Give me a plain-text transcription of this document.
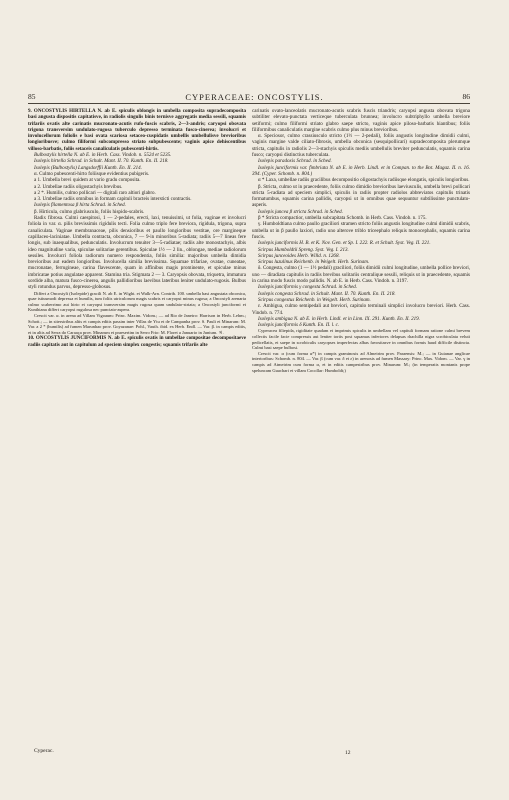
85	CYPERACEAE: ONCOSTYLIS.	86

9. ONCOSTYLIS HIRTELLA N. ab E. spiculis oblongis in umbella composita supradecomposita basi angusta dispositis capitatisve, in radiolis singulis binis ternisve aggregatis media sessili, squamis trifariis ovatis alte carinatis mucronato-acutis rufo-fuscis scabris, 2—3-andris; caryopsi obovata trigona transversim undulato-rugosa tuberculo depresso terminata fusco-cinerea; involucri et involucellorum foliolis e basi ovata scariosa setaceo-cuspidatis umbellis umbellulisve brevioribus longioribusve; culmo filiformi subcompresso striato subpubescente; vaginis apice dehiscentibus villoso-barbatis, foliis setaceis canaliculatis pubescenti-hirtis.

Bulbostylis hirtella N. ab E. in Herb. Cass. Vindob. n. 5524 et 5235.

Isolepis hirtella Schrad. in Schult. Mant. II. 70. Kunth. En. II. 218.

Isolepis (Bulbostylis) Langsdorffii Kunth. En. II. 214.

α. Culmo pubescenti-hirto foliisque evidentius pubigeris.

a 1. Umbella brevi quidem at vario gradu composita.

a 2. Umbellae radiis oligostachyis brevibus.

a 2 *. Humilis, culmo pollicari — digitali raro altiori glabro.

a 3. Umbellae radiis omnibus in formam capituli bracteis intersticti contractis.

Isolepis filamentosa β hirta Schrad. in Sched.

β. Hirticula, culmo glabriusculo, foliis hispido-scabris.

Radix fibrosa. Culmi caespitosi, 1 — 2-pedales, erecti, laxi, tenuissimi, ut folia, vaginae et involucri foliola in var. α. pilis brevissimis rigidulis tecti. Folia culmo triplo fere breviora, rigidula, trigona, supra canaliculata. Vaginae membranaceae, pilis densioribus et paullo longioribus vestitae, ore margineque capillaceo-laciniatae. Umbella contracta, obconica, 7 — 9-in minoribus 5-radiata; radiis 5—7 lineas fere longis, sub inaequalibus, pedunculatis. Involucrum tenuiter 3—5-radiatae; radiis alte monostachyis, albis ideo magnitudine varia, spiculae solitariae gerentibus. Spiculae 1½ — 2 lin., oblongae, mediae radiolorum sessiles. Involucri foliola radiorum numero respondentia, foliis similia: majoribus umbella dimidia brevioribus aut eadem longioribus. Involucella similia brevissima. Squamae trifariae, ovatae, cuneatae, mucronatae, ferrugineae, carina flavescente, quam in affinibus magis prominente, et spiculae minus imbricatae potius angulatae apparent. Stamina tria. Stigmata 2 — 3. Caryopsis obovata, triquetra, immatura sordide alba, matura fusco-cinerea, angulis pallidioribus laevibus lateribus leniter undulato-rugosis. Bulbus styli rotundus parvus, depresso-globosus.

Differt a Oncostyli (Isolepide) gracili N. ab E. in Wight. et Walk-Arn. Contrib. 100. umbella basi angustata obconica, quae istiusmodi depressa et humilis, tum foliis utriculorum magis scabris et caryopsi minus rugosa; a Oncostyli arenaria culmo scaberrimo aut hirto et caryopsi transversim magis rugosa quam undulato-striata; a Oncostyli junciformi et Kunthiana differt caryopsi rugulosa nec punctato-aspera.

Crescit var. α. in arena ad Villam Vigoaum: Princ. Maxim. Vidom.; — ad Rio de Janeiro: Harrison in Herb. Lehm.; Schott.; — in siterstribus altis et campis editis passim inter Villas de Ytu et de Campanha prov. S. Pauli et Minarum: M. Var. a 2 * (humilis) ad fumen Marunhao prov. Goyazanae: Pohl., Vauth. ibid. ex Herb. Endl. — Var. β. in campis editis, et in altis ad Serra do Caraaça prov. Minarum et praesertim in Serro Frio: M. Floret a Januario in Junium. ♃.

10. ONCOSTYLIS JUNCIFORMIS N. ab E. spiculis ovatis in umbellae compositae decompositaeve radiis capitatis aut in capitulum ad speciem simplex congestis; squamis trifariis alte

carinatis ovato-lanceolatis mucronato-acutis scabris fuscis triandris; caryopsi angusta obovata trigona subtiliter elevato-punctata verticeque tuberculata brunnea; involucro subtriphyllo umbella breviore setiformi; culmo filiformi striato glabro saepe stricto, vaginis apice piloso-barbatis hiantibus; foliis filiformibus canaliculatis margine scabris culmo plus minus brevioribus.

α. Speciosor, culmo crassiusculo stricto (1½ — 2-pedali), foliis angustis longitudine dimidii culmi, vaginis margine valde ciliato-fibrosis, umbella obconica (sesquipollicari) supradecomposita plerumque stricta, capitulis in radiolis 2—3-stachyis spiculis mediis umbellulis breviter pedunculatis, squamis carina fusco; caryopsi distinctius tuberculata.

Isolepis paradoxis Schrad. in Sched.

Isolepis junciformis var. fimbriata N. ab E. in Herb. Lindl. et in Compan. to the Bot. Magaz. II. n. 16. 394. (Cyper. Schomb. n. 804.)

α * Laxa, umbellae radiis gracilibus decompositio oligostachyis radiisque elongatis, spiculis longioribus.

β. Stricta, culmo ut in praecedente, foliis culmo dimidio brevioribus laeviusculis, umbella brevi pollicari stricta 5-radiata ad speciem simplici, spiculis in radiis propter radiolos abbreviatos capitulis trinatis formatumbus, squamis carina pallidis, caryopsi ut in omnibus quae sequuntur subtilissime punctulato-asperis.

Isolepis juncea β stricta Schrad. in Sched.

β * Stricta compactior, umbella subcapitata Schomb. in Herb. Cass. Vindob. n. 175.

γ. Humboldtiana culmo paullo graciliori stramen stricto foliis angustis longitudine culmi dimidii scabris, umbella ut in β paullo laxiori, radio uno alterove triblo triceephalo reliquis monocephalis, squamis carina fuscis.

Isolepis junciformis H. B. et K. Nov. Gen. et Sp. I. 222. R. et Schult. Syst. Veg. II. 221.

Scirpus Humboldtii Spreng. Syst. Veg. I. 213.

Scirpus junceoides Herb. Willd. n. 1268.

Scirpus luzulinus Reichenb. in Weigelt. Herb. Surinam.

δ. Congesta, culmo (1 — 1½ pedali) graciliori, foliis dimidii culmi longitudine, umbella pollice breviori, uno — diradiata capitulis in radiis brevibus solitariis centralique sessili, reliquis ut in praecedente, squamis in carina modo fuscis modo pallidis. N. ab E. in Herb. Cass. Vindob. n. 3197.

Isolepis junciformis γ congesta Schrad. in Sched.

Isolepis congesta Schrad. in Schult. Mant. II. 70. Kunth. En. II. 218.

Scirpus congestus Reichenb. in Weigelt. Herb. Surinam.

ε. Ambigua, culmo semipedali aut breviori, capitulo terminali simplici involucro breviori. Herb. Cass. Vindob. n. 774.

Isolepis ambigua N. ab E. in Herb. Lindl. et in Linn. IX. 291. Kunth. En. II. 219.

Isolepis junciformis δ Kunth. En. II. l. c.

Cyperacea filiepida, rigiditate quadam et imprimis spiculis in umbellam vel capituli formam ratione culmi brevem collectis facile facie compressis aut leniter tortis post squamas inferiores delapsas rhachilla nigra scrobiculata veluti pedicellatis, et saepe in scrobiculis caryopses imperfectas albas favositasve in omnibus formis haud difficile distincta. Culmi basi saepe bulbosi.

Crescit var. α (cum forma α*) in campis graminosis ad Almeirim prov. Paraensis: M.; — in Guianae anglicae interioribus: Schomb. n. 804. — Var. β (cum var. δ et ε) in arenosis ad fumen Massary: Princ. Max. Vidom. — Var. γ in campis ad Atmeirim cum forma α, et in editis campestribus prov. Minarum: M.; (in temperatis montanis prope speluncam Guachari et villam Cocollar: Humboldt;)

Cyperac.	12
